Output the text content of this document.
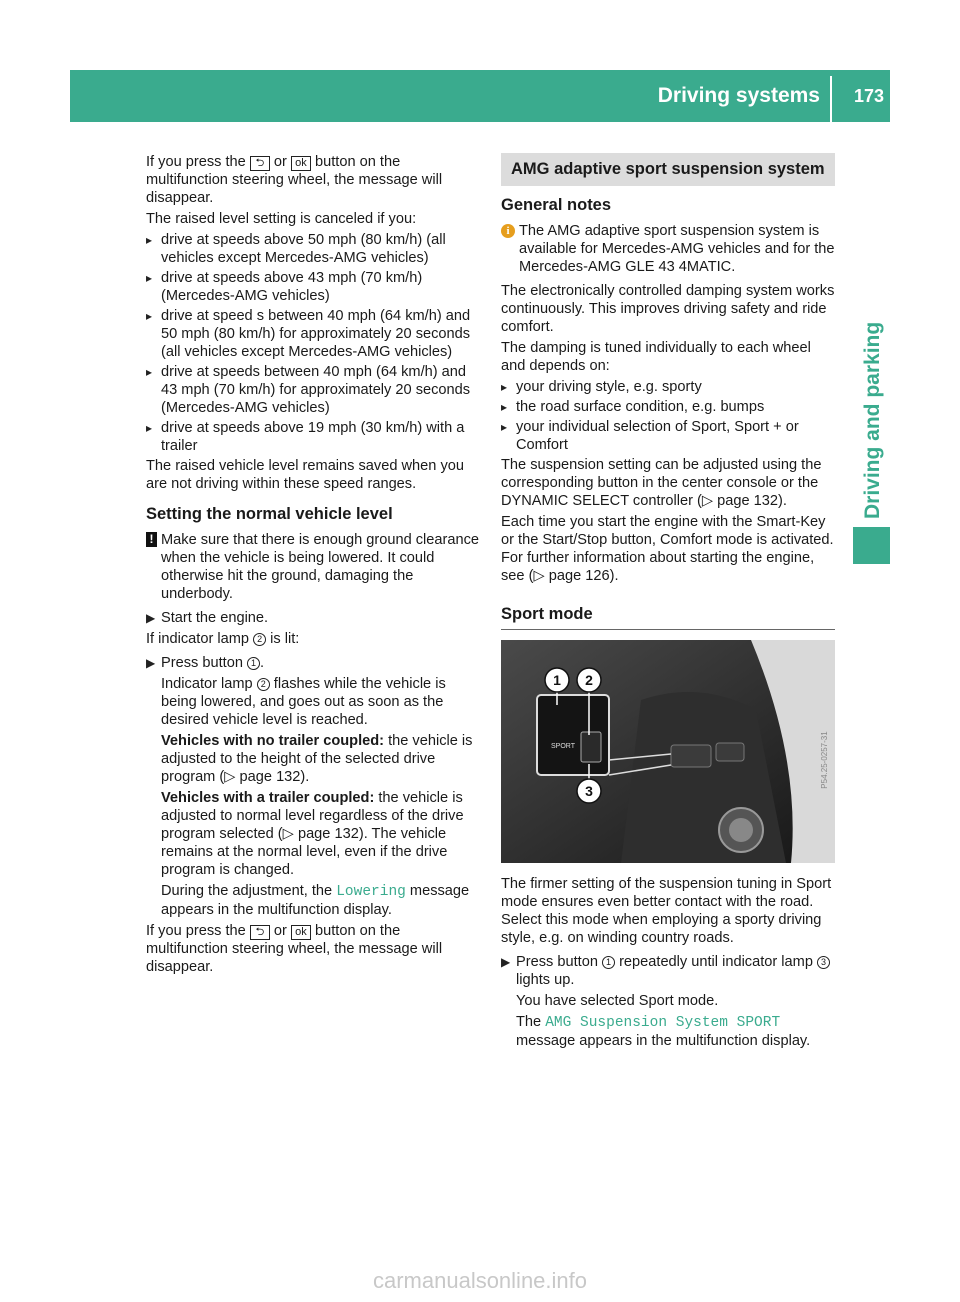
Driving systems 173
Driving and parking

If you press the ⮌ or ok button on the multifunction steering wheel, the message will disappear.

The raised level setting is canceled if you:

▸ drive at speeds above 50 mph (80 km/h) (all vehicles except Mercedes-AMG vehicles)
▸ drive at speeds above 43 mph (70 km/h) (Mercedes-AMG vehicles)
▸ drive at speed s between 40 mph (64 km/h) and 50 mph (80 km/h) for approximately 20 seconds (all vehicles except Mercedes-AMG vehicles)
▸ drive at speeds between 40 mph (64 km/h) and 43 mph (70 km/h) for approximately 20 seconds (Mercedes-AMG vehicles)
▸ drive at speeds above 19 mph (30 km/h) with a trailer

The raised vehicle level remains saved when you are not driving within these speed ranges.

Setting the normal vehicle level
! Make sure that there is enough ground clearance when the vehicle is being lowered. It could otherwise hit the ground, damaging the underbody.
▶ Start the engine.

If indicator lamp 2 is lit:

▶ Press button 1 .

Indicator lamp 2 flashes while the vehicle is being lowered, and goes out as soon as the desired vehicle level is reached.

Vehicles with no trailer coupled: the vehicle is adjusted to the height of the selected drive program (▷ page 132).

Vehicles with a trailer coupled: the vehicle is adjusted to normal level regardless of the drive program selected (▷ page 132). The vehicle remains at the normal level, even if the drive program is changed.

During the adjustment, the Lowering message appears in the multifunction display.

If you press the ⮌ or ok button on the multifunction steering wheel, the message will disappear.

AMG adaptive sport suspension system
General notes
i The AMG adaptive sport suspension system is available for Mercedes-AMG vehicles and for the Mercedes-AMG GLE 43 4MATIC.

The electronically controlled damping system works continuously. This improves driving safety and ride comfort.

The damping is tuned individually to each wheel and depends on:

▸ your driving style, e.g. sporty
▸ the road surface condition, e.g. bumps
▸ your individual selection of Sport, Sport + or Comfort

The suspension setting can be adjusted using the corresponding button in the center console or the DYNAMIC SELECT controller (▷ page 132).

Each time you start the engine with the Smart-Key or the Start/Stop button, Comfort mode is activated. For further information about starting the engine, see (▷ page 126).

Sport mode
1 2
3
SPORT	P54.25-0257-31

The firmer setting of the suspension tuning in Sport mode ensures even better contact with the road. Select this mode when employing a sporty driving style, e.g. on winding country roads.

▶ Press button 1 repeatedly until indicator lamp 3 lights up.

You have selected Sport mode.

The AMG Suspension System SPORT message appears in the multifunction display.

carmanualsonline.info
